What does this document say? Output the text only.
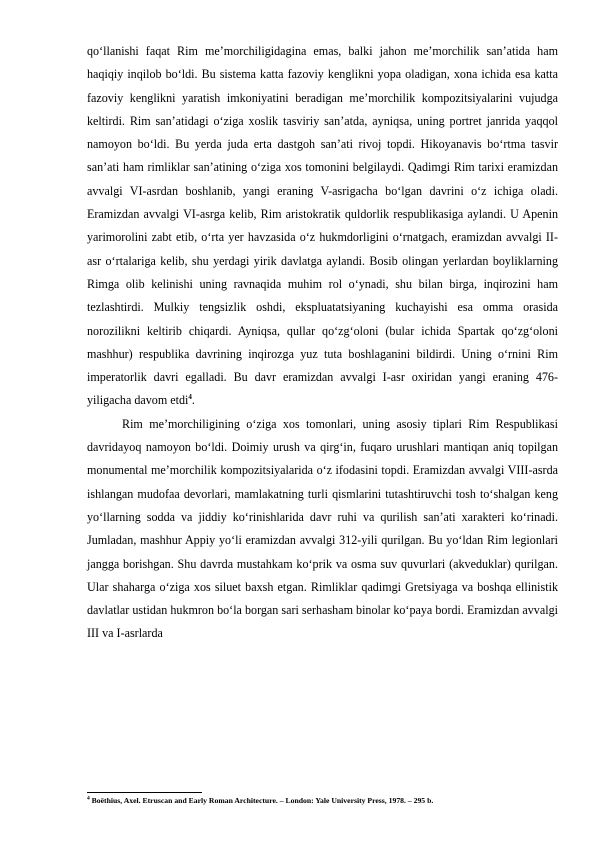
qo‘llanishi faqat Rim me’morchiligidagina emas, balki jahon me’morchilik san’atida ham haqiqiy inqilob bo‘ldi. Bu sistema katta fazoviy kenglikni yopa oladigan, xona ichida esa katta fazoviy kenglikni yaratish imkoniyatini beradigan me’morchilik kompozitsiyalarini vujudga keltirdi. Rim san’atidagi o‘ziga xoslik tasviriy san’atda, ayniqsa, uning portret janrida yaqqol namoyon bo‘ldi. Bu yerda juda erta dastgoh san’ati rivoj topdi. Hikoyanavis bo‘rtma tasvir san’ati ham rimliklar san’atining o‘ziga xos tomonini belgilaydi. Qadimgi Rim tarixi eramizdan avvalgi VI-asrdan boshlanib, yangi eraning V-asrigacha bo‘lgan davrini o‘z ichiga oladi. Eramizdan avvalgi VI-asrga kelib, Rim aristokratik quldorlik respublikasiga aylandi. U Apenin yarimorolini zabt etib, o‘rta yer havzasida o‘z hukmdorligini o‘rnatgach, eramizdan avvalgi II-asr o‘rtalariga kelib, shu yerdagi yirik davlatga aylandi. Bosib olingan yerlardan boyliklarning Rimga olib kelinishi uning ravnaqida muhim rol o‘ynadi, shu bilan birga, inqirozini ham tezlashtirdi. Mulkiy tengsizlik oshdi, ekspluatatsiyaning kuchayishi esa omma orasida noroziliknі keltirib chiqardi. Ayniqsa, qullar qo‘zg‘oloni (bular ichida Spartak qo‘zg‘oloni mashhur) respublika davrining inqirozga yuz tuta boshlaganini bildirdi. Uning o‘rnini Rim imperatorlik davri egalladi. Bu davr eramizdan avvalgi I-asr oxiridan yangi eraning 476-yiligacha davom etdi$^4$.

Rim me’morchiligining o‘ziga xos tomonlari, uning asosiy tiplari Rim Respublikasi davridayoq namoyon bo‘ldi. Doimiy urush va qirg‘in, fuqaro urushlari mantiqan aniq topilgan monumental me’morchilik kompozitsiyalarida o‘z ifodasini topdi. Eramizdan avvalgi VIII-asrda ishlangan mudofaa devorlari, mamlakatning turli qismlarini tutashtiruvchi tosh to‘shalgan keng yo‘llarning sodda va jiddiy ko‘rinishlarida davr ruhi va qurilish san’ati xarakteri ko‘rinadi. Jumladan, mashhur Appiy yo‘li eramizdan avvalgi 312-yili qurilgan. Bu yo‘ldan Rim legionlari jangga borishgan. Shu davrda mustahkam ko‘prik va osma suv quvurlari (akveduklar) qurilgan. Ular shaharga o‘ziga xos siluet baxsh etgan. Rimliklar qadimgi Gretsiyaga va boshqa ellinistik davlatlar ustidan hukmron bo‘la borgan sari serhasham binolar ko‘paya bordi. Eramizdan avvalgi III va I-asrlarda

$^4$ Boëthius, Axel. Etruscan and Early Roman Architecture. – London: Yale University Press, 1978. – 295 b.
